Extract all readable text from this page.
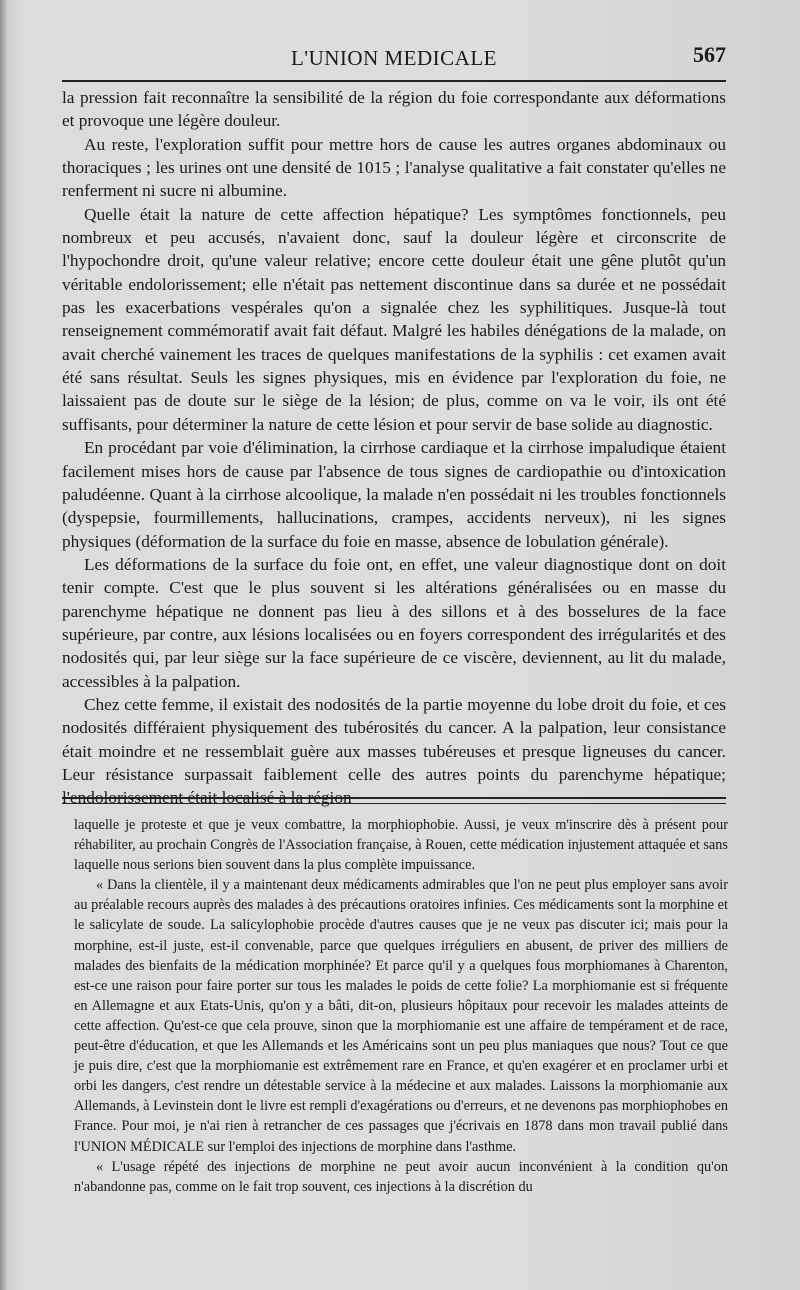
L'UNION MEDICALE	567

la pression fait reconnaître la sensibilité de la région du foie correspondante aux déformations et provoque une légère douleur.

Au reste, l'exploration suffit pour mettre hors de cause les autres organes abdominaux ou thoraciques ; les urines ont une densité de 1015 ; l'analyse qualitative a fait constater qu'elles ne renferment ni sucre ni albumine.

Quelle était la nature de cette affection hépatique? Les symptômes fonctionnels, peu nombreux et peu accusés, n'avaient donc, sauf la douleur légère et circonscrite de l'hypochondre droit, qu'une valeur relative; encore cette douleur était une gêne plutôt qu'un véritable endolorissement; elle n'était pas nettement discontinue dans sa durée et ne possédait pas les exacerbations vespérales qu'on a signalée chez les syphilitiques. Jusque-là tout renseignement commémoratif avait fait défaut. Malgré les habiles dénégations de la malade, on avait cherché vainement les traces de quelques manifestations de la syphilis : cet examen avait été sans résultat. Seuls les signes physiques, mis en évidence par l'exploration du foie, ne laissaient pas de doute sur le siège de la lésion; de plus, comme on va le voir, ils ont été suffisants, pour déterminer la nature de cette lésion et pour servir de base solide au diagnostic.

En procédant par voie d'élimination, la cirrhose cardiaque et la cirrhose impaludique étaient facilement mises hors de cause par l'absence de tous signes de cardiopathie ou d'intoxication paludéenne. Quant à la cirrhose alcoolique, la malade n'en possédait ni les troubles fonctionnels (dyspepsie, fourmillements, hallucinations, crampes, accidents nerveux), ni les signes physiques (déformation de la surface du foie en masse, absence de lobulation générale).

Les déformations de la surface du foie ont, en effet, une valeur diagnostique dont on doit tenir compte. C'est que le plus souvent si les altérations généralisées ou en masse du parenchyme hépatique ne donnent pas lieu à des sillons et à des bosselures de la face supérieure, par contre, aux lésions localisées ou en foyers correspondent des irrégularités et des nodosités qui, par leur siège sur la face supérieure de ce viscère, deviennent, au lit du malade, accessibles à la palpation.

Chez cette femme, il existait des nodosités de la partie moyenne du lobe droit du foie, et ces nodosités différaient physiquement des tubérosités du cancer. A la palpation, leur consistance était moindre et ne ressemblait guère aux masses tubéreuses et presque ligneuses du cancer. Leur résistance surpassait faiblement celle des autres points du parenchyme hépatique; l'endolorissement était localisé à la région

laquelle je proteste et que je veux combattre, la morphiophobie. Aussi, je veux m'inscrire dès à présent pour réhabiliter, au prochain Congrès de l'Association française, à Rouen, cette médication injustement attaquée et sans laquelle nous serions bien souvent dans la plus complète impuissance.

« Dans la clientèle, il y a maintenant deux médicaments admirables que l'on ne peut plus employer sans avoir au préalable recours auprès des malades à des précautions oratoires infinies. Ces médicaments sont la morphine et le salicylate de soude. La salicylophobie procède d'autres causes que je ne veux pas discuter ici; mais pour la morphine, est-il juste, est-il convenable, parce que quelques irréguliers en abusent, de priver des milliers de malades des bienfaits de la médication morphinée? Et parce qu'il y a quelques fous morphiomanes à Charenton, est-ce une raison pour faire porter sur tous les malades le poids de cette folie? La morphiomanie est si fréquente en Allemagne et aux Etats-Unis, qu'on y a bâti, dit-on, plusieurs hôpitaux pour recevoir les malades atteints de cette affection. Qu'est-ce que cela prouve, sinon que la morphiomanie est une affaire de tempérament et de race, peut-être d'éducation, et que les Allemands et les Américains sont un peu plus maniaques que nous? Tout ce que je puis dire, c'est que la morphiomanie est extrêmement rare en France, et qu'en exagérer et en proclamer urbi et orbi les dangers, c'est rendre un détestable service à la médecine et aux malades. Laissons la morphiomanie aux Allemands, à Levinstein dont le livre est rempli d'exagérations ou d'erreurs, et ne devenons pas morphiophobes en France. Pour moi, je n'ai rien à retrancher de ces passages que j'écrivais en 1878 dans mon travail publié dans l'UNION MÉDICALE sur l'emploi des injections de morphine dans l'asthme.

« L'usage répété des injections de morphine ne peut avoir aucun inconvénient à la condition qu'on n'abandonne pas, comme on le fait trop souvent, ces injections à la discrétion du
